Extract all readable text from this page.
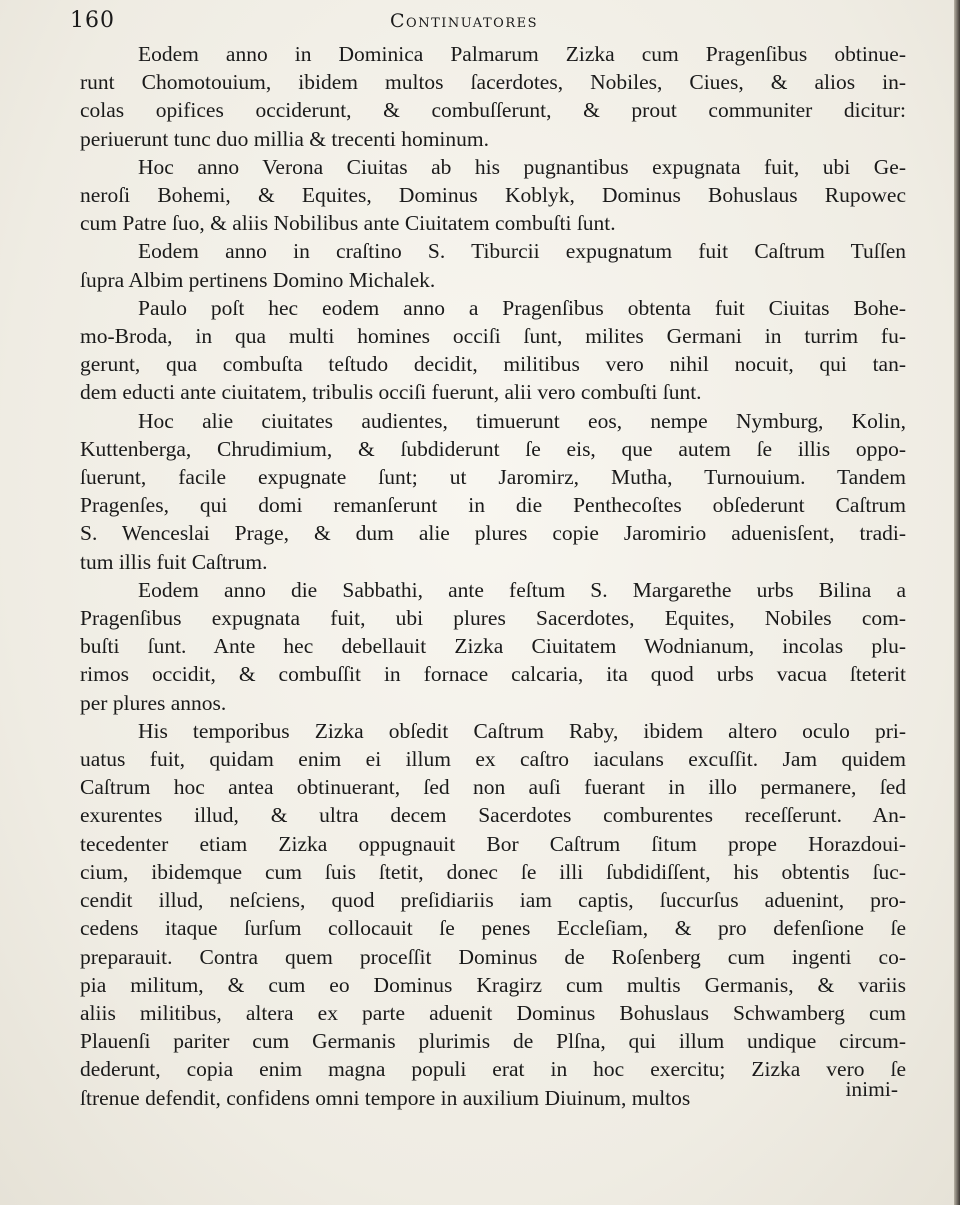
160	Continuatores
Eodem anno in Dominica Palmarum Zizka cum Pragenſibus obtinue-
runt Chomotouium, ibidem multos ſacerdotes, Nobiles, Ciues, & alios in-
colas opifices occiderunt, & combuſſerunt, & prout communiter dicitur:
periuerunt tunc duo millia & trecenti hominum.
Hoc anno Verona Ciuitas ab his pugnantibus expugnata fuit, ubi Ge-
neroſi Bohemi, & Equites, Dominus Koblyk, Dominus Bohuslaus Rupowec
cum Patre ſuo, & aliis Nobilibus ante Ciuitatem combuſti ſunt.
Eodem anno in craſtino S. Tiburcii expugnatum fuit Caſtrum Tuſſen
ſupra Albim pertinens Domino Michalek.
Paulo poſt hec eodem anno a Pragenſibus obtenta fuit Ciuitas Bohe-
mo-Broda, in qua multi homines occiſi ſunt, milites Germani in turrim fu-
gerunt, qua combuſta teſtudo decidit, militibus vero nihil nocuit, qui tan-
dem educti ante ciuitatem, tribulis occiſi fuerunt, alii vero combuſti ſunt.
Hoc alie ciuitates audientes, timuerunt eos, nempe Nymburg, Kolin,
Kuttenberga, Chrudimium, & ſubdiderunt ſe eis, que autem ſe illis oppo-
ſuerunt, facile expugnate ſunt; ut Jaromirz, Mutha, Turnouium. Tandem
Pragenſes, qui domi remanſerunt in die Penthecoſtes obſederunt Caſtrum
S. Wenceslai Prage, & dum alie plures copie Jaromirio aduenisſent, tradi-
tum illis fuit Caſtrum.
Eodem anno die Sabbathi, ante feſtum S. Margarethe urbs Bilina a
Pragenſibus expugnata fuit, ubi plures Sacerdotes, Equites, Nobiles com-
buſti ſunt. Ante hec debellauit Zizka Ciuitatem Wodnianum, incolas plu-
rimos occidit, & combuſſit in fornace calcaria, ita quod urbs vacua ſteterit
per plures annos.
His temporibus Zizka obſedit Caſtrum Raby, ibidem altero oculo pri-
uatus fuit, quidam enim ei illum ex caſtro iaculans excuſſit. Jam quidem
Caſtrum hoc antea obtinuerant, ſed non auſi fuerant in illo permanere, ſed
exurentes illud, & ultra decem Sacerdotes comburentes receſſerunt. An-
tecedenter etiam Zizka oppugnauit Bor Caſtrum ſitum prope Horazdoui-
cium, ibidemque cum ſuis ſtetit, donec ſe illi ſubdidiſſent, his obtentis ſuc-
cendit illud, neſciens, quod preſidiariis iam captis, ſuccurſus aduenint, pro-
cedens itaque ſurſum collocauit ſe penes Eccleſiam, & pro defenſione ſe
preparauit. Contra quem proceſſit Dominus de Roſenberg cum ingenti co-
pia militum, & cum eo Dominus Kragirz cum multis Germanis, & variis
aliis militibus, altera ex parte aduenit Dominus Bohuslaus Schwamberg cum
Plauenſi pariter cum Germanis plurimis de Plſna, qui illum undique circum-
dederunt, copia enim magna populi erat in hoc exercitu; Zizka vero ſe
ſtrenue defendit, confidens omni tempore in auxilium Diuinum, multos	inimi-
